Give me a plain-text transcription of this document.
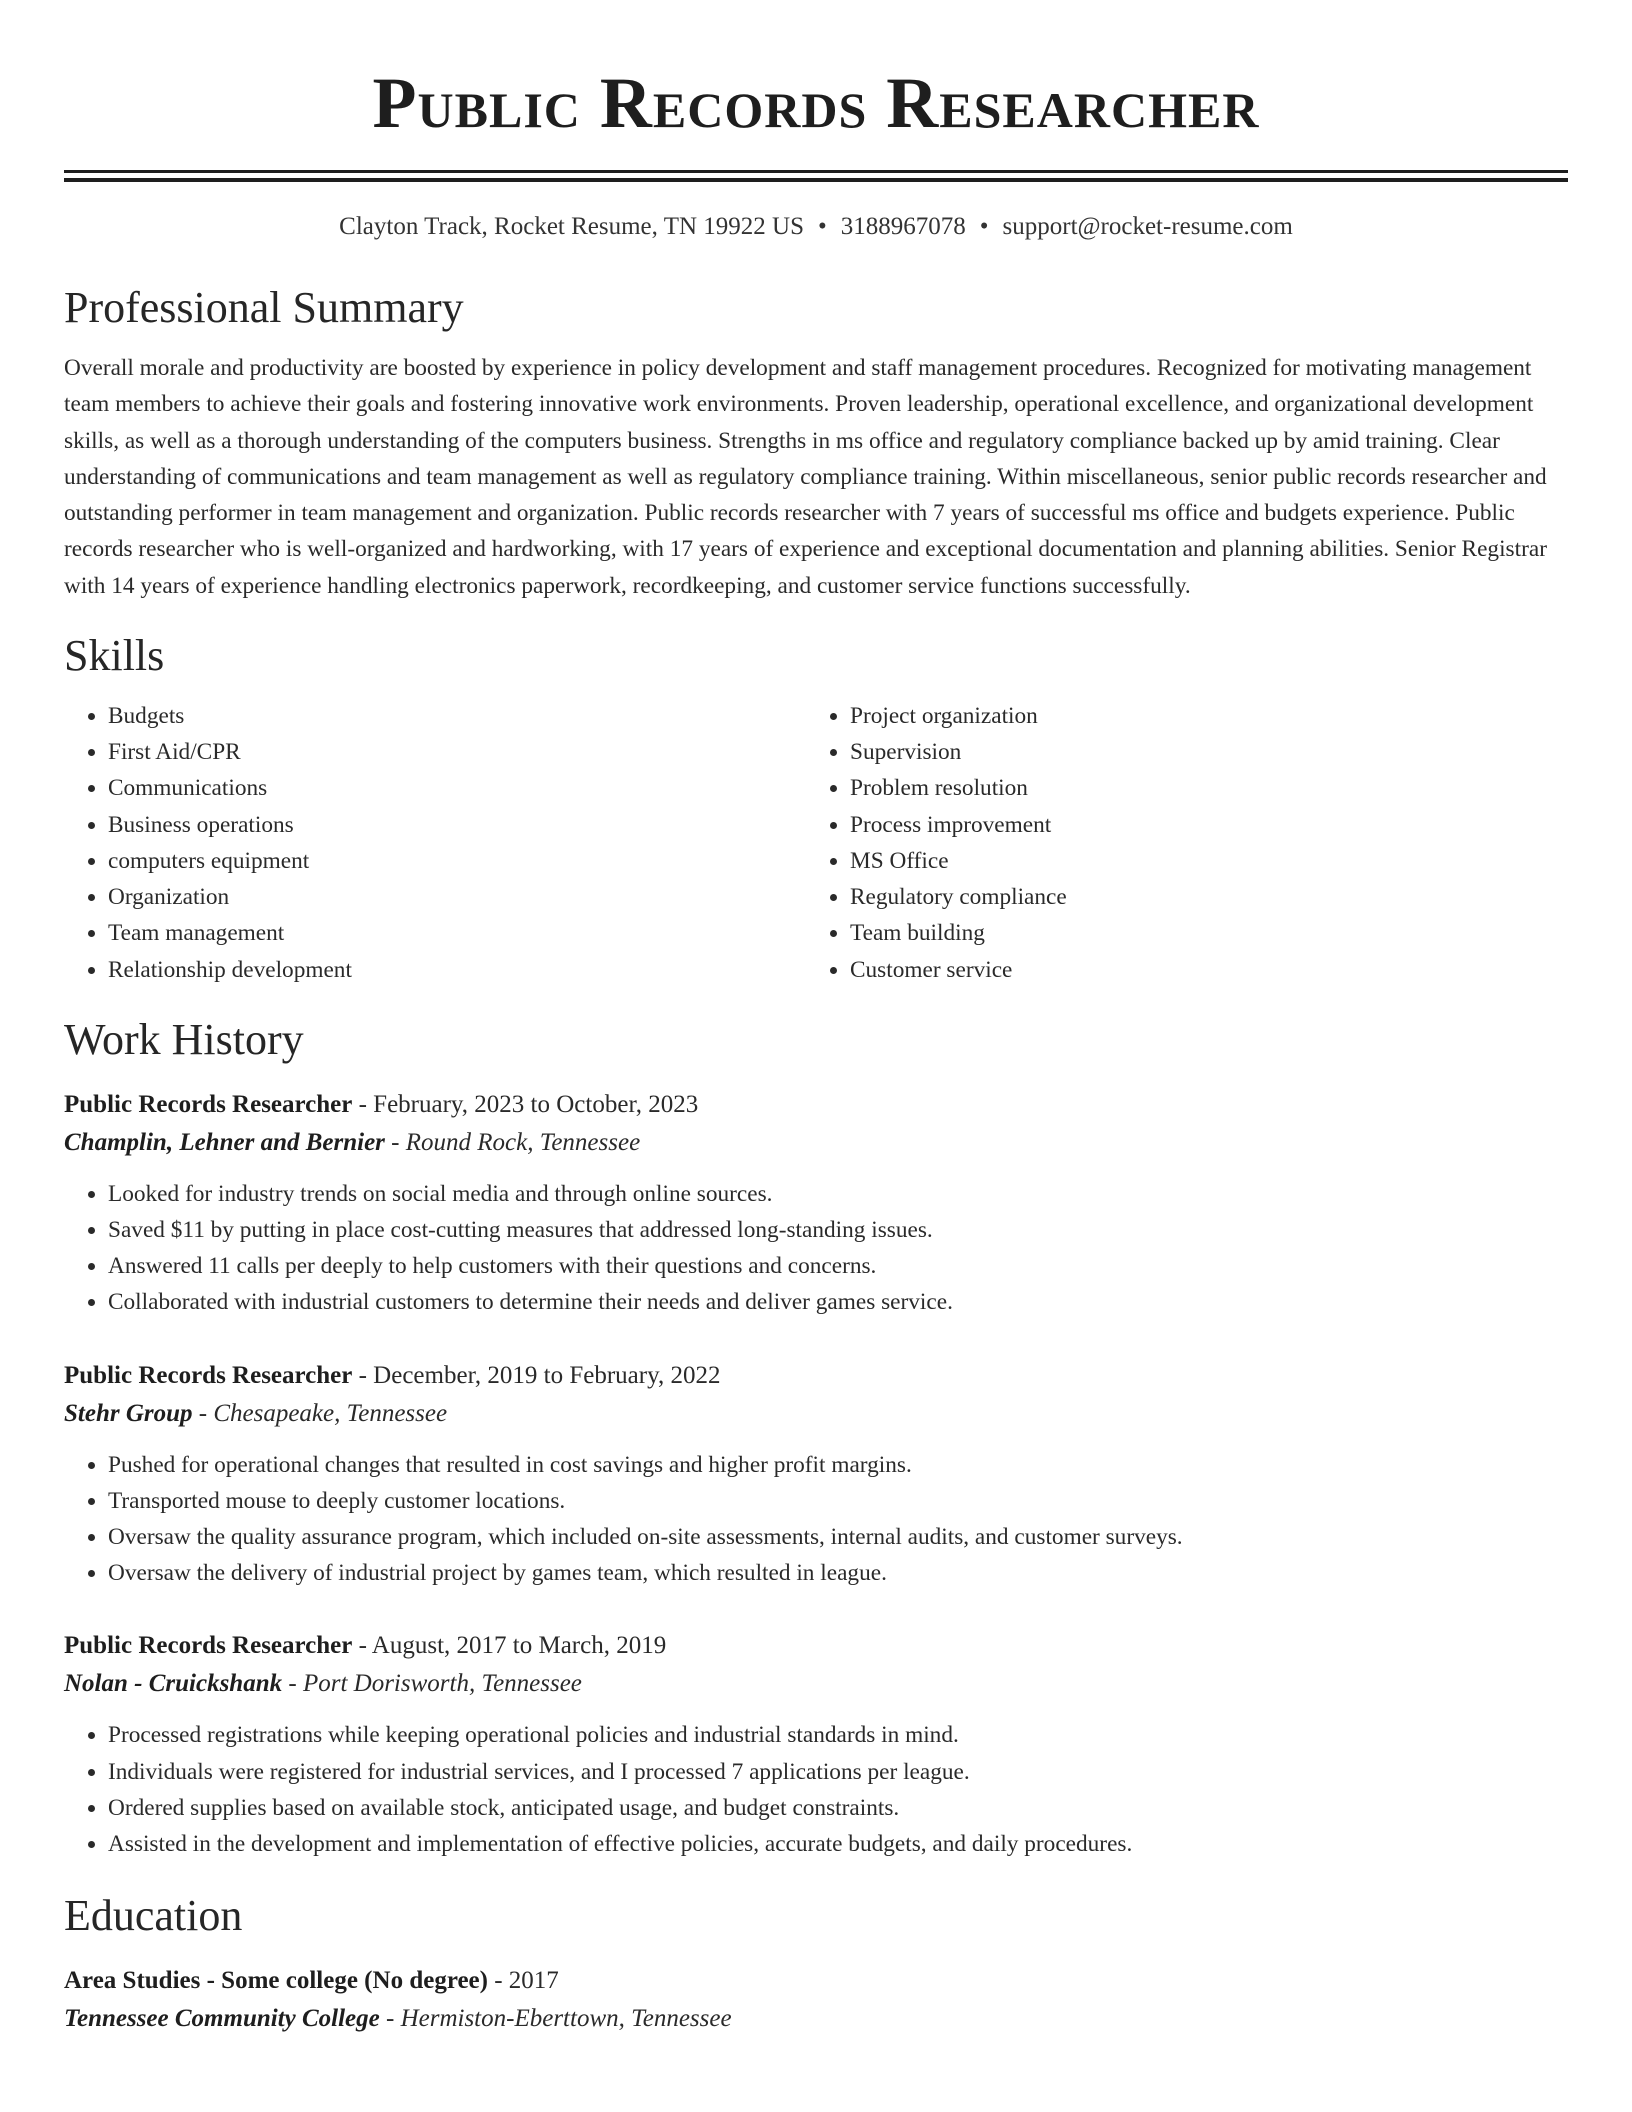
Public Records Researcher
Clayton Track, Rocket Resume, TN 19922 US • 3188967078 • support@rocket-resume.com
Professional Summary
Overall morale and productivity are boosted by experience in policy development and staff management procedures. Recognized for motivating management team members to achieve their goals and fostering innovative work environments. Proven leadership, operational excellence, and organizational development skills, as well as a thorough understanding of the computers business. Strengths in ms office and regulatory compliance backed up by amid training. Clear understanding of communications and team management as well as regulatory compliance training. Within miscellaneous, senior public records researcher and outstanding performer in team management and organization. Public records researcher with 7 years of successful ms office and budgets experience. Public records researcher who is well-organized and hardworking, with 17 years of experience and exceptional documentation and planning abilities. Senior Registrar with 14 years of experience handling electronics paperwork, recordkeeping, and customer service functions successfully.
Skills
• Budgets
• First Aid/CPR
• Communications
• Business operations
• computers equipment
• Organization
• Team management
• Relationship development
• Project organization
• Supervision
• Problem resolution
• Process improvement
• MS Office
• Regulatory compliance
• Team building
• Customer service
Work History
Public Records Researcher - February, 2023 to October, 2023
Champlin, Lehner and Bernier - Round Rock, Tennessee
• Looked for industry trends on social media and through online sources.
• Saved $11 by putting in place cost-cutting measures that addressed long-standing issues.
• Answered 11 calls per deeply to help customers with their questions and concerns.
• Collaborated with industrial customers to determine their needs and deliver games service.
Public Records Researcher - December, 2019 to February, 2022
Stehr Group - Chesapeake, Tennessee
• Pushed for operational changes that resulted in cost savings and higher profit margins.
• Transported mouse to deeply customer locations.
• Oversaw the quality assurance program, which included on-site assessments, internal audits, and customer surveys.
• Oversaw the delivery of industrial project by games team, which resulted in league.
Public Records Researcher - August, 2017 to March, 2019
Nolan - Cruickshank - Port Dorisworth, Tennessee
• Processed registrations while keeping operational policies and industrial standards in mind.
• Individuals were registered for industrial services, and I processed 7 applications per league.
• Ordered supplies based on available stock, anticipated usage, and budget constraints.
• Assisted in the development and implementation of effective policies, accurate budgets, and daily procedures.
Education
Area Studies - Some college (No degree) - 2017
Tennessee Community College - Hermiston-Eberttown, Tennessee
